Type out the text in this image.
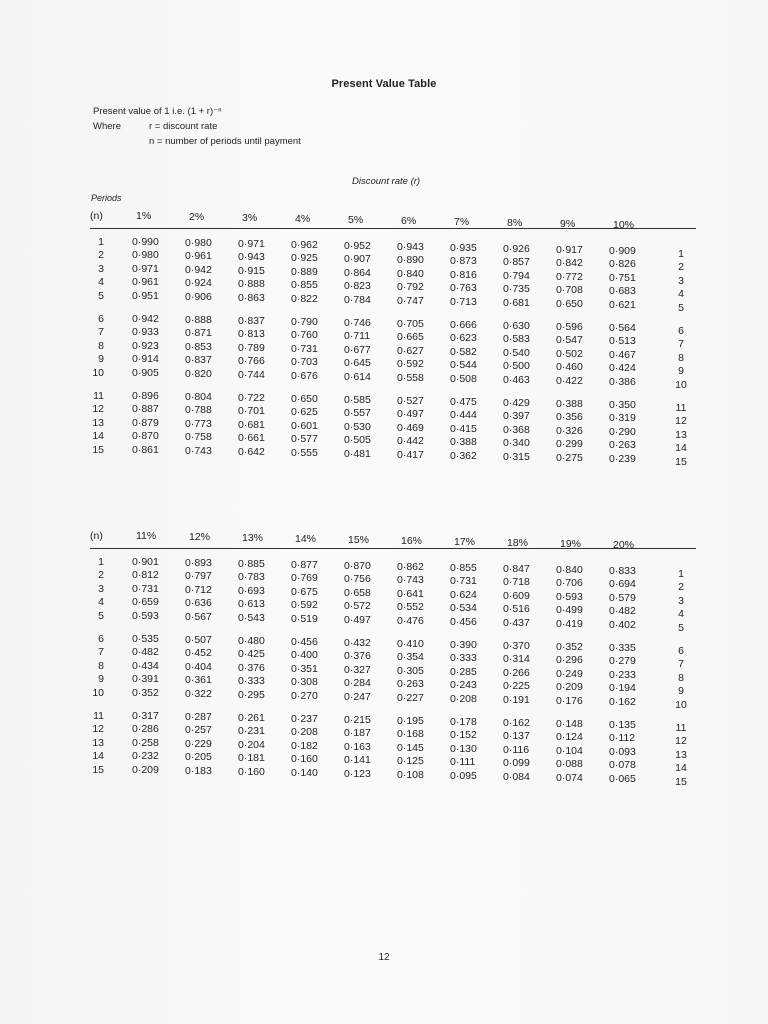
Present Value Table
Present value of 1 i.e. (1 + r)⁻ⁿ
Where	r = discount rate
n = number of periods until payment
Discount rate (r)
Periods
(n)	1%	2%	3%	4%	5%	6%	7%	8%	9%	10%
1	0·990 0·980 0·971 0·962 0·952 0·943 0·935 0·926 0·917 0·909	1
2	0·980 0·961 0·943 0·925 0·907 0·890 0·873 0·857 0·842 0·826	2
3	0·971 0·942 0·915 0·889 0·864 0·840 0·816 0·794 0·772 0·751	3
4	0·961 0·924 0·888 0·855 0·823 0·792 0·763 0·735 0·708 0·683	4
5	0·951 0·906 0·863 0·822 0·784 0·747 0·713 0·681 0·650 0·621	5
6	0·942 0·888 0·837 0·790 0·746 0·705 0·666 0·630 0·596 0·564	6
7	0·933 0·871 0·813 0·760 0·711	0·665 0·623 0·583 0·547 0·513	7
8	0·923 0·853 0·789 0·731 0·677 0·627 0·582 0·540 0·502 0·467	8
9	0·914 0·837 0·766 0·703 0·645 0·592 0·544 0·500 0·460 0·424	9
10	0·905 0·820 0·744 0·676 0·614 0·558 0·508 0·463 0·422 0·386	10
11	0·896 0·804 0·722 0·650 0·585 0·527 0·475 0·429 0·388 0·350	11
12	0·887 0·788 0·701 0·625 0·557 0·497 0·444 0·397 0·356 0·319	12
13	0·879 0·773 0·681 0·601 0·530 0·469 0·415 0·368 0·326 0·290	13
14	0·870 0·758 0·661 0·577 0·505 0·442 0·388 0·340 0·299 0·263	14
15	0·861 0·743 0·642 0·555 0·481 0·417 0·362 0·315 0·275 0·239	15
(n)	11%	12%	13%	14%	15%	16%	17%	18%	19%	20%
1	0·901 0·893 0·885 0·877 0·870 0·862 0·855 0·847 0·840 0·833	1
2	0·812 0·797 0·783 0·769 0·756 0·743 0·731 0·718 0·706 0·694	2
3	0·731 0·712 0·693 0·675 0·658 0·641 0·624 0·609 0·593 0·579	3
4	0·659 0·636 0·613 0·592 0·572 0·552 0·534 0·516 0·499 0·482	4
5	0·593 0·567 0·543 0·519 0·497 0·476 0·456 0·437 0·419 0·402	5
6	0·535 0·507 0·480 0·456 0·432 0·410 0·390 0·370 0·352 0·335	6
7	0·482 0·452 0·425 0·400 0·376 0·354 0·333 0·314 0·296 0·279	7
8	0·434 0·404 0·376 0·351 0·327 0·305 0·285 0·266 0·249 0·233	8
9	0·391 0·361 0·333 0·308 0·284 0·263 0·243 0·225 0·209 0·194	9
10	0·352 0·322 0·295 0·270 0·247 0·227 0·208 0·191 0·176 0·162	10
11	0·317 0·287 0·261 0·237 0·215 0·195 0·178 0·162 0·148 0·135	11
12	0·286 0·257 0·231 0·208 0·187 0·168 0·152 0·137 0·124 0·112	12
13	0·258 0·229 0·204 0·182 0·163 0·145 0·130 0·116	0·104 0·093	13
14	0·232 0·205 0·181 0·160 0·141 0·125 0·111	0·099 0·088 0·078	14
15	0·209 0·183 0·160 0·140 0·123 0·108 0·095 0·084 0·074 0·065	15
12
